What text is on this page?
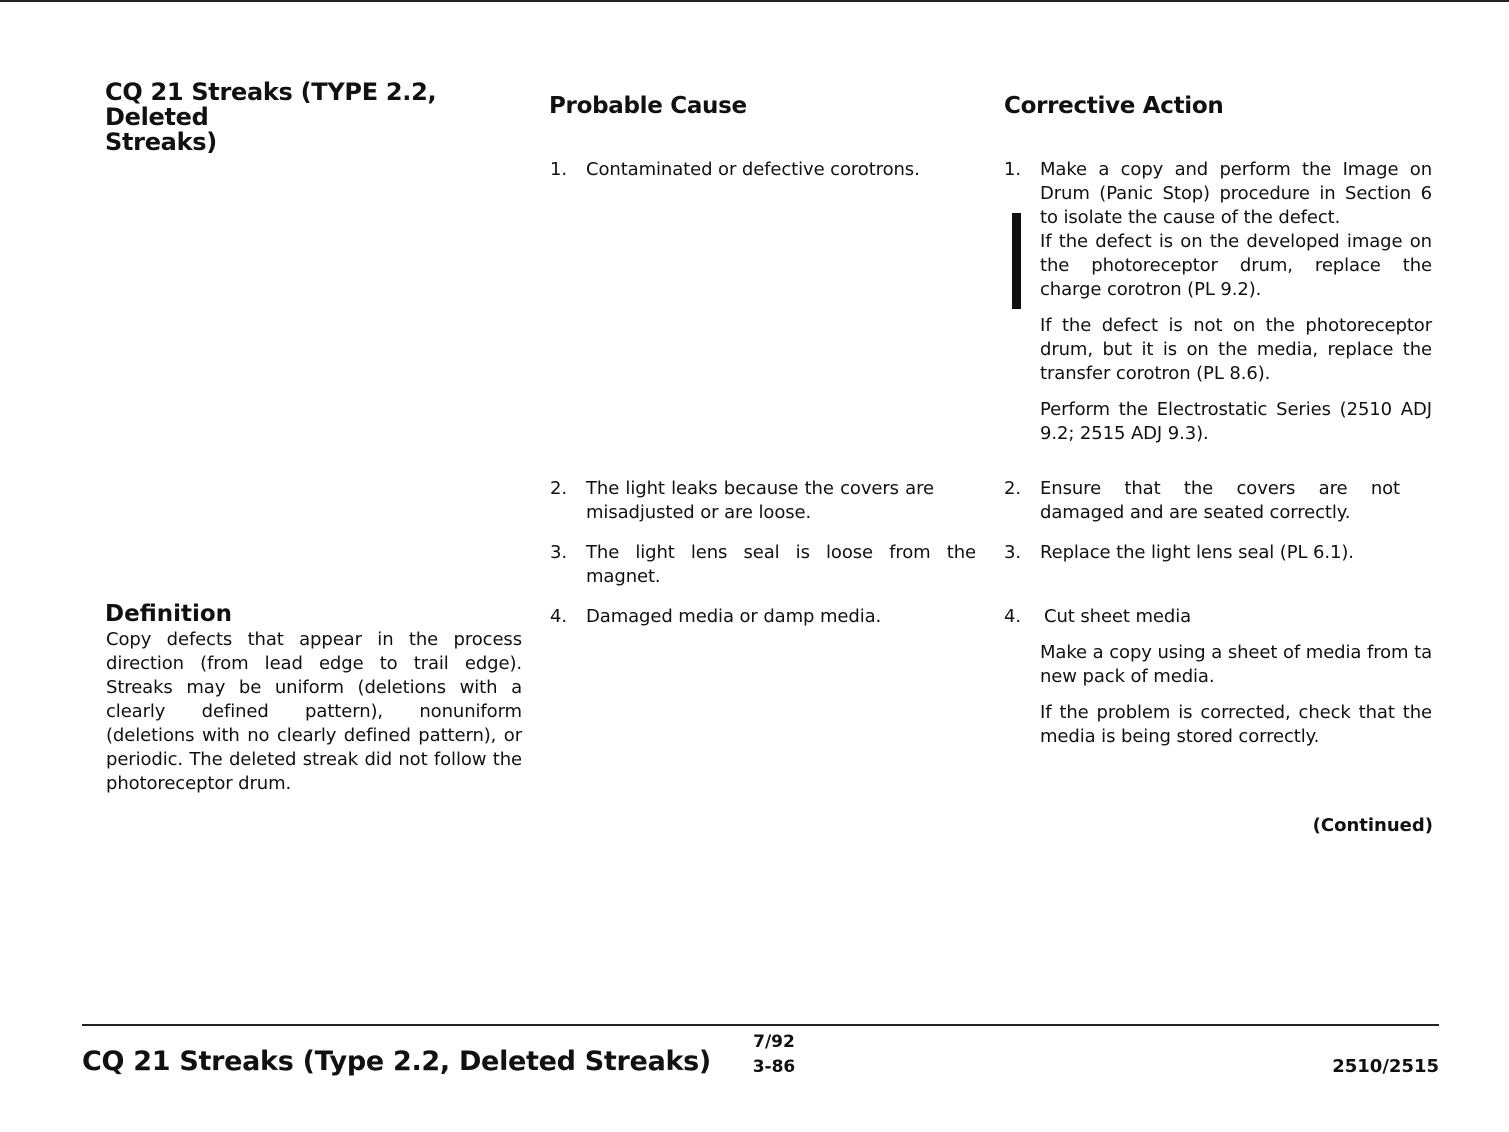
CQ 21 Streaks (TYPE 2.2, Deleted
Streaks)
Probable Cause	Corrective Action
1. Contaminated or defective corotrons.
2. The light leaks because the covers are misadjusted or are loose.
3. The light lens seal is loose from the magnet.
4. Damaged media or damp media.
1. Make a copy and perform the Image on Drum (Panic Stop) procedure in Section 6 to isolate the cause of the defect.
If the defect is on the developed image on the photoreceptor drum, replace the charge corotron (PL 9.2).
If the defect is not on the photoreceptor drum, but it is on the media, replace the transfer corotron (PL 8.6).
Perform the Electrostatic Series (2510 ADJ 9.2; 2515 ADJ 9.3).
2. Ensure that the covers are not damaged and are seated correctly.
3. Replace the light lens seal (PL 6.1).
4. Cut sheet media
Make a copy using a sheet of media from ta new pack of media.
If the problem is corrected, check that the media is being stored correctly.
Definition
Copy defects that appear in the process direction (from lead edge to trail edge). Streaks may be uniform (deletions with a clearly defined pattern), nonuniform (deletions with no clearly defined pattern), or periodic. The deleted streak did not follow the photoreceptor drum.
(Continued)
CQ 21 Streaks (Type 2.2, Deleted Streaks)
7/92
3-86	2510/2515
